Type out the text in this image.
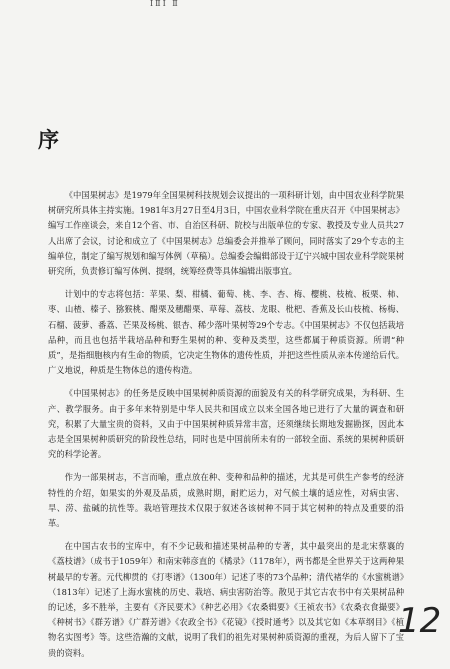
ⅠⅡⅠ Ⅱ
序

《中国果树志》是1979年全国果树科技规划会议提出的一项科研计划，由中国农业科学院果树研究所具体主持实施。1981年3月27日至4月3日，中国农业科学院在重庆召开《中国果树志》编写工作座谈会，来自12个省、市、自治区科研、院校与出版单位的专家、教授及专业人员共27人出席了会议，讨论和成立了《中国果树志》总编委会并推举了顾问，同时落实了29个专志的主编单位，制定了编写规划和编写体例（草稿）。总编委会编辑部设于辽宁兴城中国农业科学院果树研究所，负责修订编写体例、提纲，统筹经费等具体编辑出版事宜。

计划中的专志将包括：苹果、梨、柑橘、葡萄、桃、李、杏、梅、樱桃、枝梳、板栗、柿、枣、山楂、榛子、猕猴桃、醋栗及穗醋栗、草莓、荔枝、龙眼、枇杷、香蕉及长山枝梳、杨梅、石榴、菠萝、番荔、芒果及杨桃、银杏、稀少落叶果树等29个专志。《中国果树志》不仅包括栽培品种，而且也包括半栽培品种和野生果树的种、变种及类型，这些都属于种质资源。所谓“种质”，是指细胞核内有生命的物质，它决定生物体的遗传性质，并把这些性质从亲本传递给后代。广义地说，种质是生物体总的遗传构造。

《中国果树志》的任务是反映中国果树种质资源的面貌及有关的科学研究成果，为科研、生产、教学服务。由于多年来特别是中华人民共和国成立以来全国各地已进行了大量的调查和研究，积累了大量宝贵的资料，又由于中国果树种质异常丰富，还须继续长期地发掘勘探，因此本志是全国果树种质研究的阶段性总结，同时也是中国前所未有的一部较全面、系统的果树种质研究的科学论著。

作为一部果树志，不言而喻，重点放在种、变种和品种的描述，尤其是可供生产参考的经济特性的介绍，如果实的外观及品质，成熟时期，耐贮运力，对气候土壤的适应性，对病虫害、旱、涝、盐碱的抗性等。栽培管理技术仅限于叙述各该树种不同于其它树种的特点及重要的沿革。

在中国古农书的宝库中，有不少记载和描述果树品种的专著，其中最突出的是北宋蔡襄的《荔枝谱》（成书于1059年）和南宋韩彦直的《橘录》（1178年），两书都是全世界关于这两种果树最早的专著。元代柳贯的《打枣谱》（1300年）记述了枣的73个品种；清代褚华的《水蜜桃谱》（1813年）记述了上海水蜜桃的历史、栽培、病虫害防治等。散见于其它古农书中有关果树品种的记述，多不胜举，主要有《齐民要术》《种艺必用》《农桑辑要》《王祯农书》《农桑衣食撮要》《种树书》《群芳谱》《广群芳谱》《农政全书》《花镜》《授时通考》以及其它如《本草纲目》《植物名实图考》等。这些浩瀚的文献，说明了我们的祖先对果树种质资源的重视，为后人留下了宝贵的资料。

12
